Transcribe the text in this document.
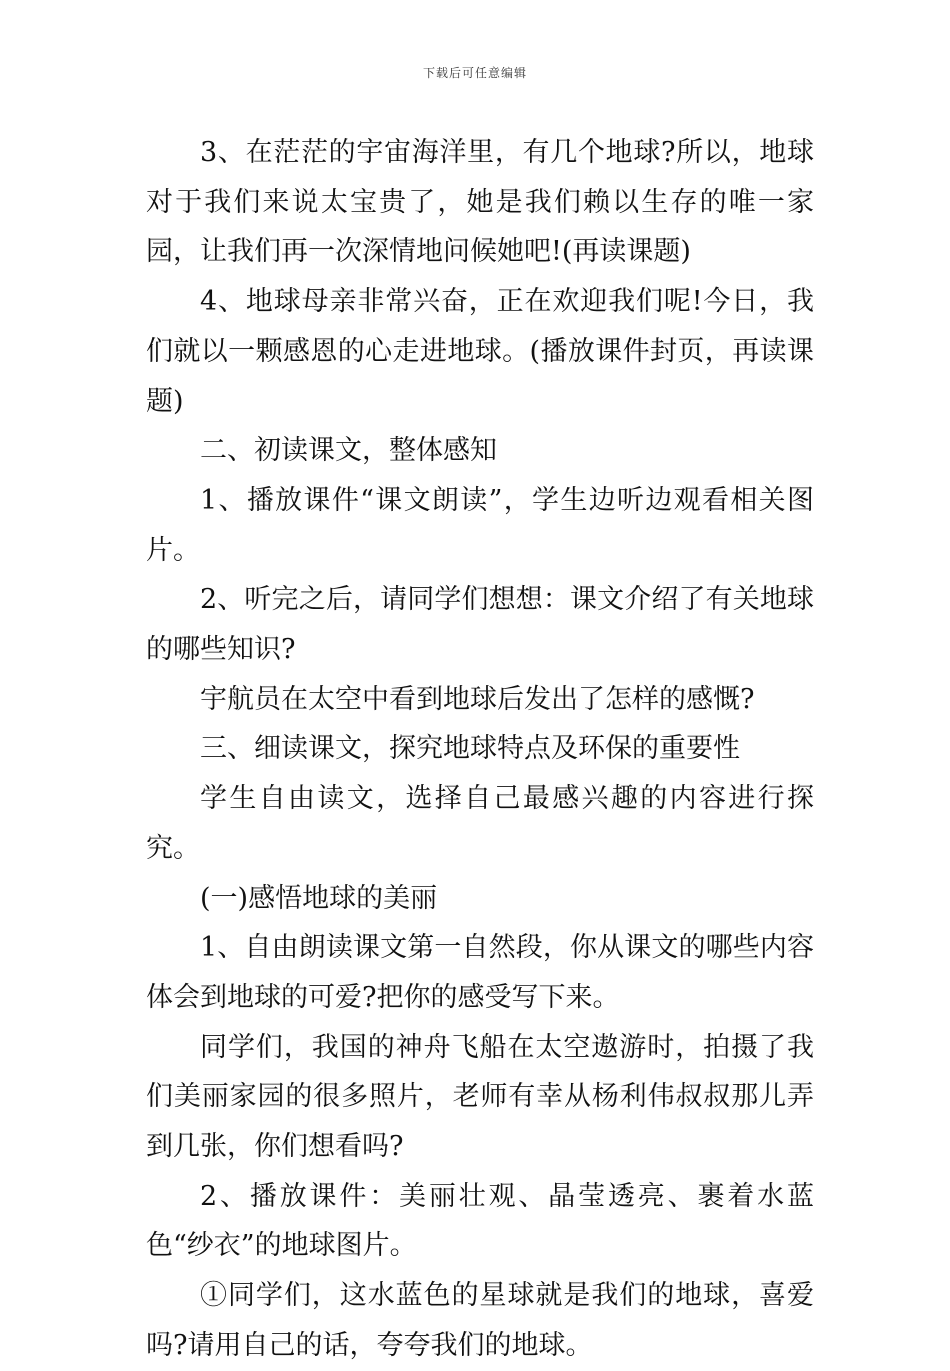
下载后可任意编辑

3、在茫茫的宇宙海洋里，有几个地球?所以，地球对于我们来说太宝贵了，她是我们赖以生存的唯一家园，让我们再一次深情地问候她吧!(再读课题)

4、地球母亲非常兴奋，正在欢迎我们呢!今日，我们就以一颗感恩的心走进地球。(播放课件封页，再读课题)

二、初读课文，整体感知

1、播放课件“课文朗读”，学生边听边观看相关图片。

2、听完之后，请同学们想想：课文介绍了有关地球的哪些知识?

宇航员在太空中看到地球后发出了怎样的感慨?

三、细读课文，探究地球特点及环保的重要性

学生自由读文，选择自己最感兴趣的内容进行探究。

(一)感悟地球的美丽

1、自由朗读课文第一自然段，你从课文的哪些内容体会到地球的可爱?把你的感受写下来。

同学们，我国的神舟飞船在太空遨游时，拍摄了我们美丽家园的很多照片，老师有幸从杨利伟叔叔那儿弄到几张，你们想看吗?

2、播放课件：美丽壮观、晶莹透亮、裹着水蓝色“纱衣”的地球图片。

①同学们，这水蓝色的星球就是我们的地球，喜爱吗?请用自己的话，夸夸我们的地球。
